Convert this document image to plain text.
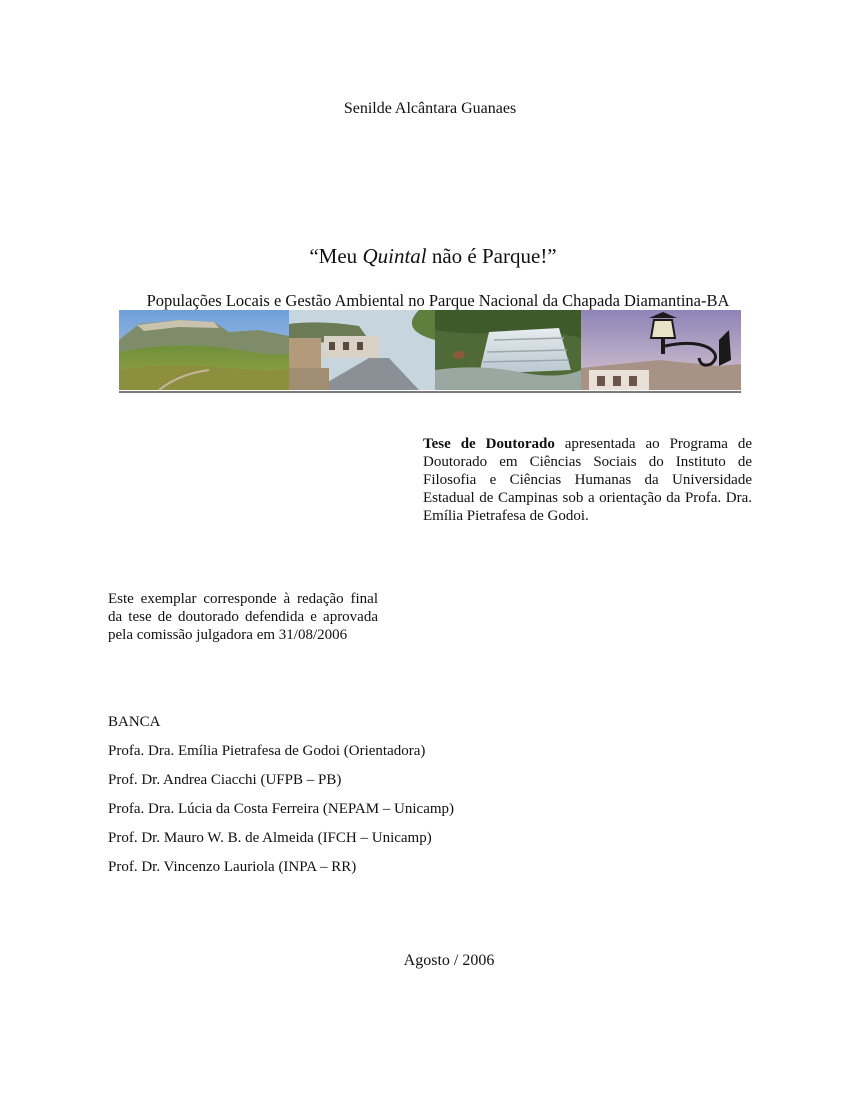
Senilde Alcântara Guanaes
“Meu Quintal não é Parque!”
Populações Locais e Gestão Ambiental no Parque Nacional da Chapada Diamantina-BA
Tese de Doutorado apresentada ao Programa de Doutorado em Ciências Sociais do Instituto de Filosofia e Ciências Humanas da Universidade Estadual de Campinas sob a orientação da Profa. Dra. Emília Pietrafesa de Godoi.
Este exemplar corresponde à redação final da tese de doutorado defendida e aprovada pela comissão julgadora em 31/08/2006
BANCA
Profa. Dra. Emília Pietrafesa de Godoi (Orientadora)
Prof. Dr. Andrea Ciacchi (UFPB – PB)
Profa. Dra. Lúcia da Costa Ferreira (NEPAM – Unicamp)
Prof. Dr. Mauro W. B. de Almeida (IFCH – Unicamp)
Prof. Dr. Vincenzo Lauriola (INPA – RR)
Agosto / 2006
